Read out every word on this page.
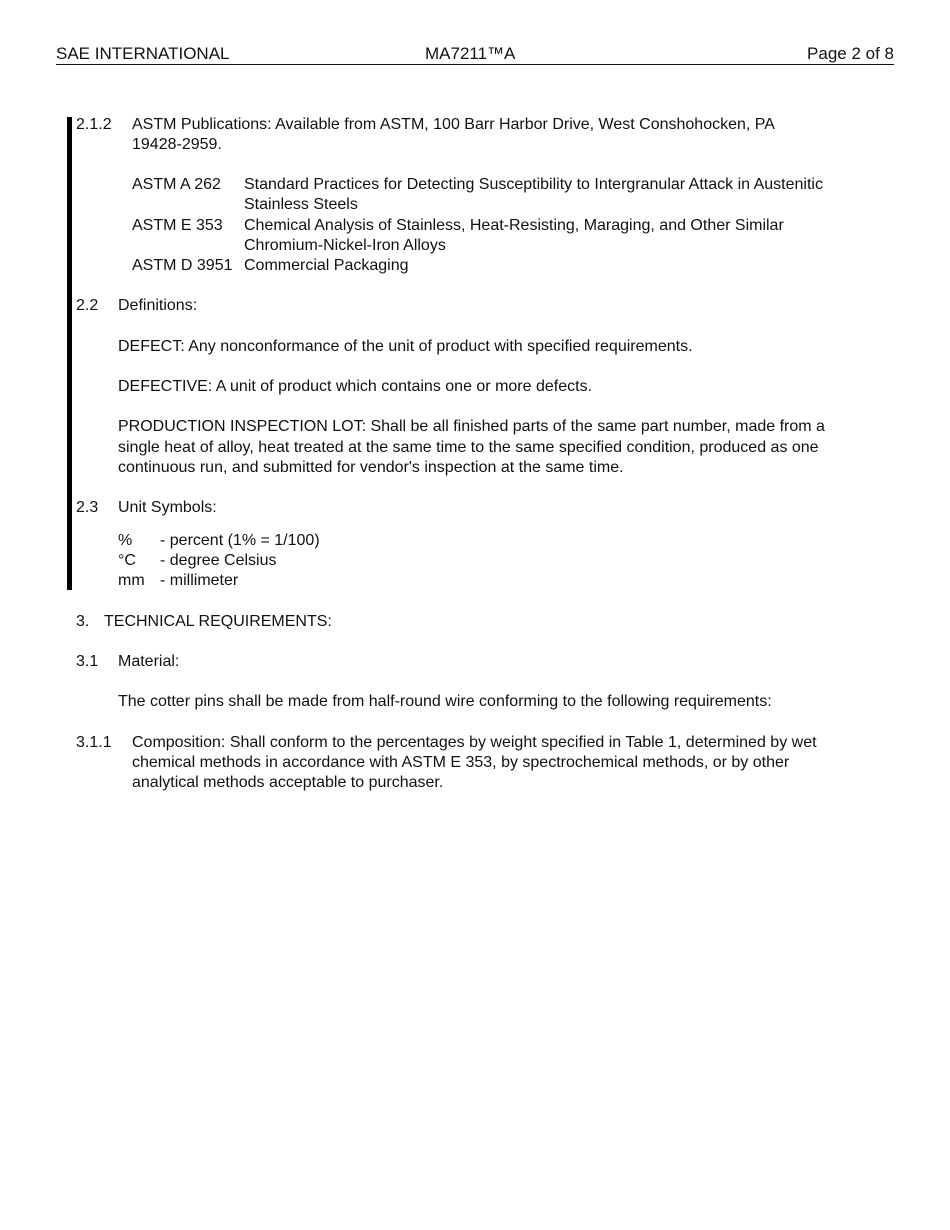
SAE INTERNATIONAL	MA7211™A	Page 2 of 8
2.1.2 ASTM Publications: Available from ASTM, 100 Barr Harbor Drive, West Conshohocken, PA
19428-2959.
ASTM A 262 Standard Practices for Detecting Susceptibility to Intergranular Attack in Austenitic
Stainless Steels
ASTM E 353 Chemical Analysis of Stainless, Heat-Resisting, Maraging, and Other Similar
Chromium-Nickel-Iron Alloys
ASTM D 3951 Commercial Packaging
2.2 Definitions:
DEFECT: Any nonconformance of the unit of product with specified requirements.
DEFECTIVE: A unit of product which contains one or more defects.
PRODUCTION INSPECTION LOT: Shall be all finished parts of the same part number, made from a
single heat of alloy, heat treated at the same time to the same specified condition, produced as one
continuous run, and submitted for vendor's inspection at the same time.
2.3 Unit Symbols:
% - percent (1% = 1/100)
°C - degree Celsius
mm - millimeter
3. TECHNICAL REQUIREMENTS:
3.1 Material:
The cotter pins shall be made from half-round wire conforming to the following requirements:
3.1.1 Composition: Shall conform to the percentages by weight specified in Table 1, determined by wet
chemical methods in accordance with ASTM E 353, by spectrochemical methods, or by other
analytical methods acceptable to purchaser.
